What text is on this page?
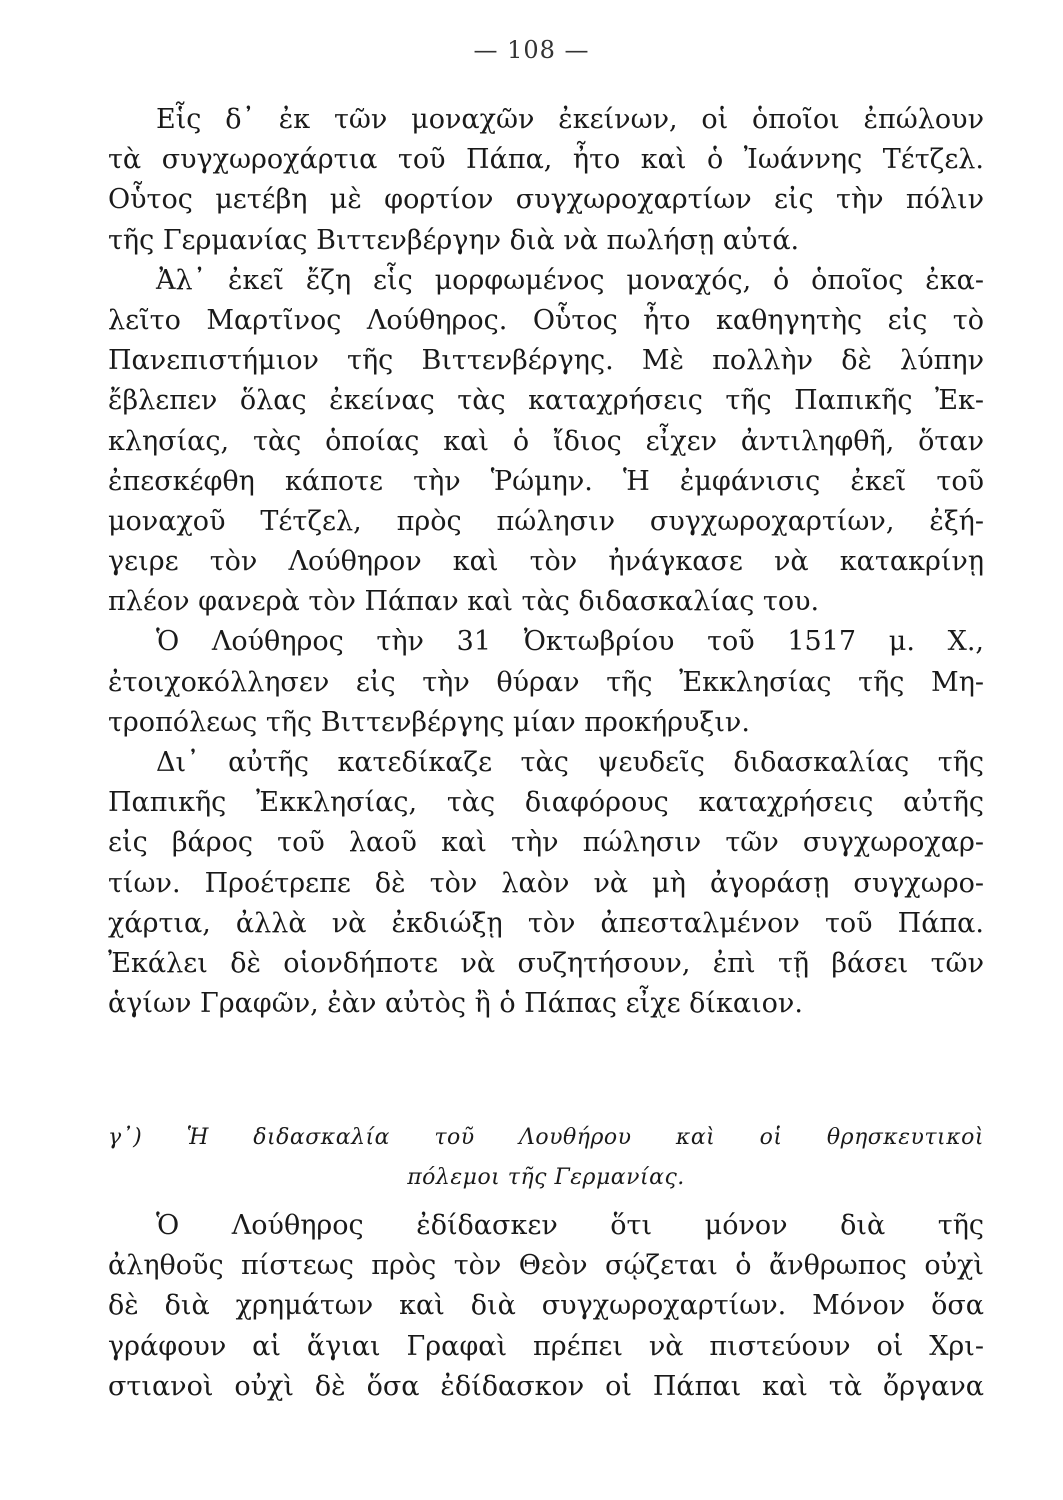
— 108 —
Εἷς δ᾽ ἐκ τῶν μοναχῶν ἐκείνων, οἱ ὁποῖοι ἐπώλουν
τὰ συγχωροχάρτια τοῦ Πάπα, ἦτο καὶ ὁ Ἰωάννης Τέτζελ.
Οὗτος μετέβη μὲ φορτίον συγχωροχαρτίων εἰς τὴν πόλιν
τῆς Γερμανίας Βιττενβέργην διὰ νὰ πωλήσῃ αὐτά.
Ἀλ᾽ ἐκεῖ ἔζη εἷς μορφωμένος μοναχός, ὁ ὁποῖος ἐκα-
λεῖτο Μαρτῖνος Λούθηρος. Οὗτος ἦτο καθηγητὴς εἰς τὸ
Πανεπιστήμιον τῆς Βιττενβέργης. Μὲ πολλὴν δὲ λύπην
ἔβλεπεν ὅλας ἐκείνας τὰς καταχρήσεις τῆς Παπικῆς Ἐκ-
κλησίας, τὰς ὁποίας καὶ ὁ ἴδιος εἶχεν ἀντιληφθῆ, ὅταν
ἐπεσκέφθη κάποτε τὴν Ῥώμην. Ἡ ἐμφάνισις ἐκεῖ τοῦ
μοναχοῦ Τέτζελ, πρὸς πώλησιν συγχωροχαρτίων, ἐξή-
γειρε τὸν Λούθηρον καὶ τὸν ἠνάγκασε νὰ κατακρίνῃ
πλέον φανερὰ τὸν Πάπαν καὶ τὰς διδασκαλίας του.
Ὁ Λούθηρος τὴν 31 Ὀκτωβρίου τοῦ 1517 μ. Χ.,
ἐτοιχοκόλλησεν εἰς τὴν θύραν τῆς Ἐκκλησίας τῆς Μη-
τροπόλεως τῆς Βιττενβέργης μίαν προκήρυξιν.
Δι᾽ αὐτῆς κατεδίκαζε τὰς ψευδεῖς διδασκαλίας τῆς
Παπικῆς Ἐκκλησίας, τὰς διαφόρους καταχρήσεις αὐτῆς
εἰς βάρος τοῦ λαοῦ καὶ τὴν πώλησιν τῶν συγχωροχαρ-
τίων. Προέτρεπε δὲ τὸν λαὸν νὰ μὴ ἀγοράσῃ συγχωρο-
χάρτια, ἀλλὰ νὰ ἐκδιώξῃ τὸν ἀπεσταλμένον τοῦ Πάπα.
Ἐκάλει δὲ οἱονδήποτε νὰ συζητήσουν, ἐπὶ τῇ βάσει τῶν
ἁγίων Γραφῶν, ἐὰν αὐτὸς ἢ ὁ Πάπας εἶχε δίκαιον.
γ᾽) Ἡ διδασκαλία τοῦ Λουθήρου καὶ οἱ θρησκευτικοὶ
πόλεμοι τῆς Γερμανίας.
Ὁ Λούθηρος ἐδίδασκεν ὅτι μόνον διὰ τῆς
ἀληθοῦς πίστεως πρὸς τὸν Θεὸν σῴζεται ὁ ἄνθρωπος οὐχὶ
δὲ διὰ χρημάτων καὶ διὰ συγχωροχαρτίων. Μόνον ὅσα
γράφουν αἱ ἅγιαι Γραφαὶ πρέπει νὰ πιστεύουν οἱ Χρι-
στιανοὶ οὐχὶ δὲ ὅσα ἐδίδασκον οἱ Πάπαι καὶ τὰ ὄργανα
